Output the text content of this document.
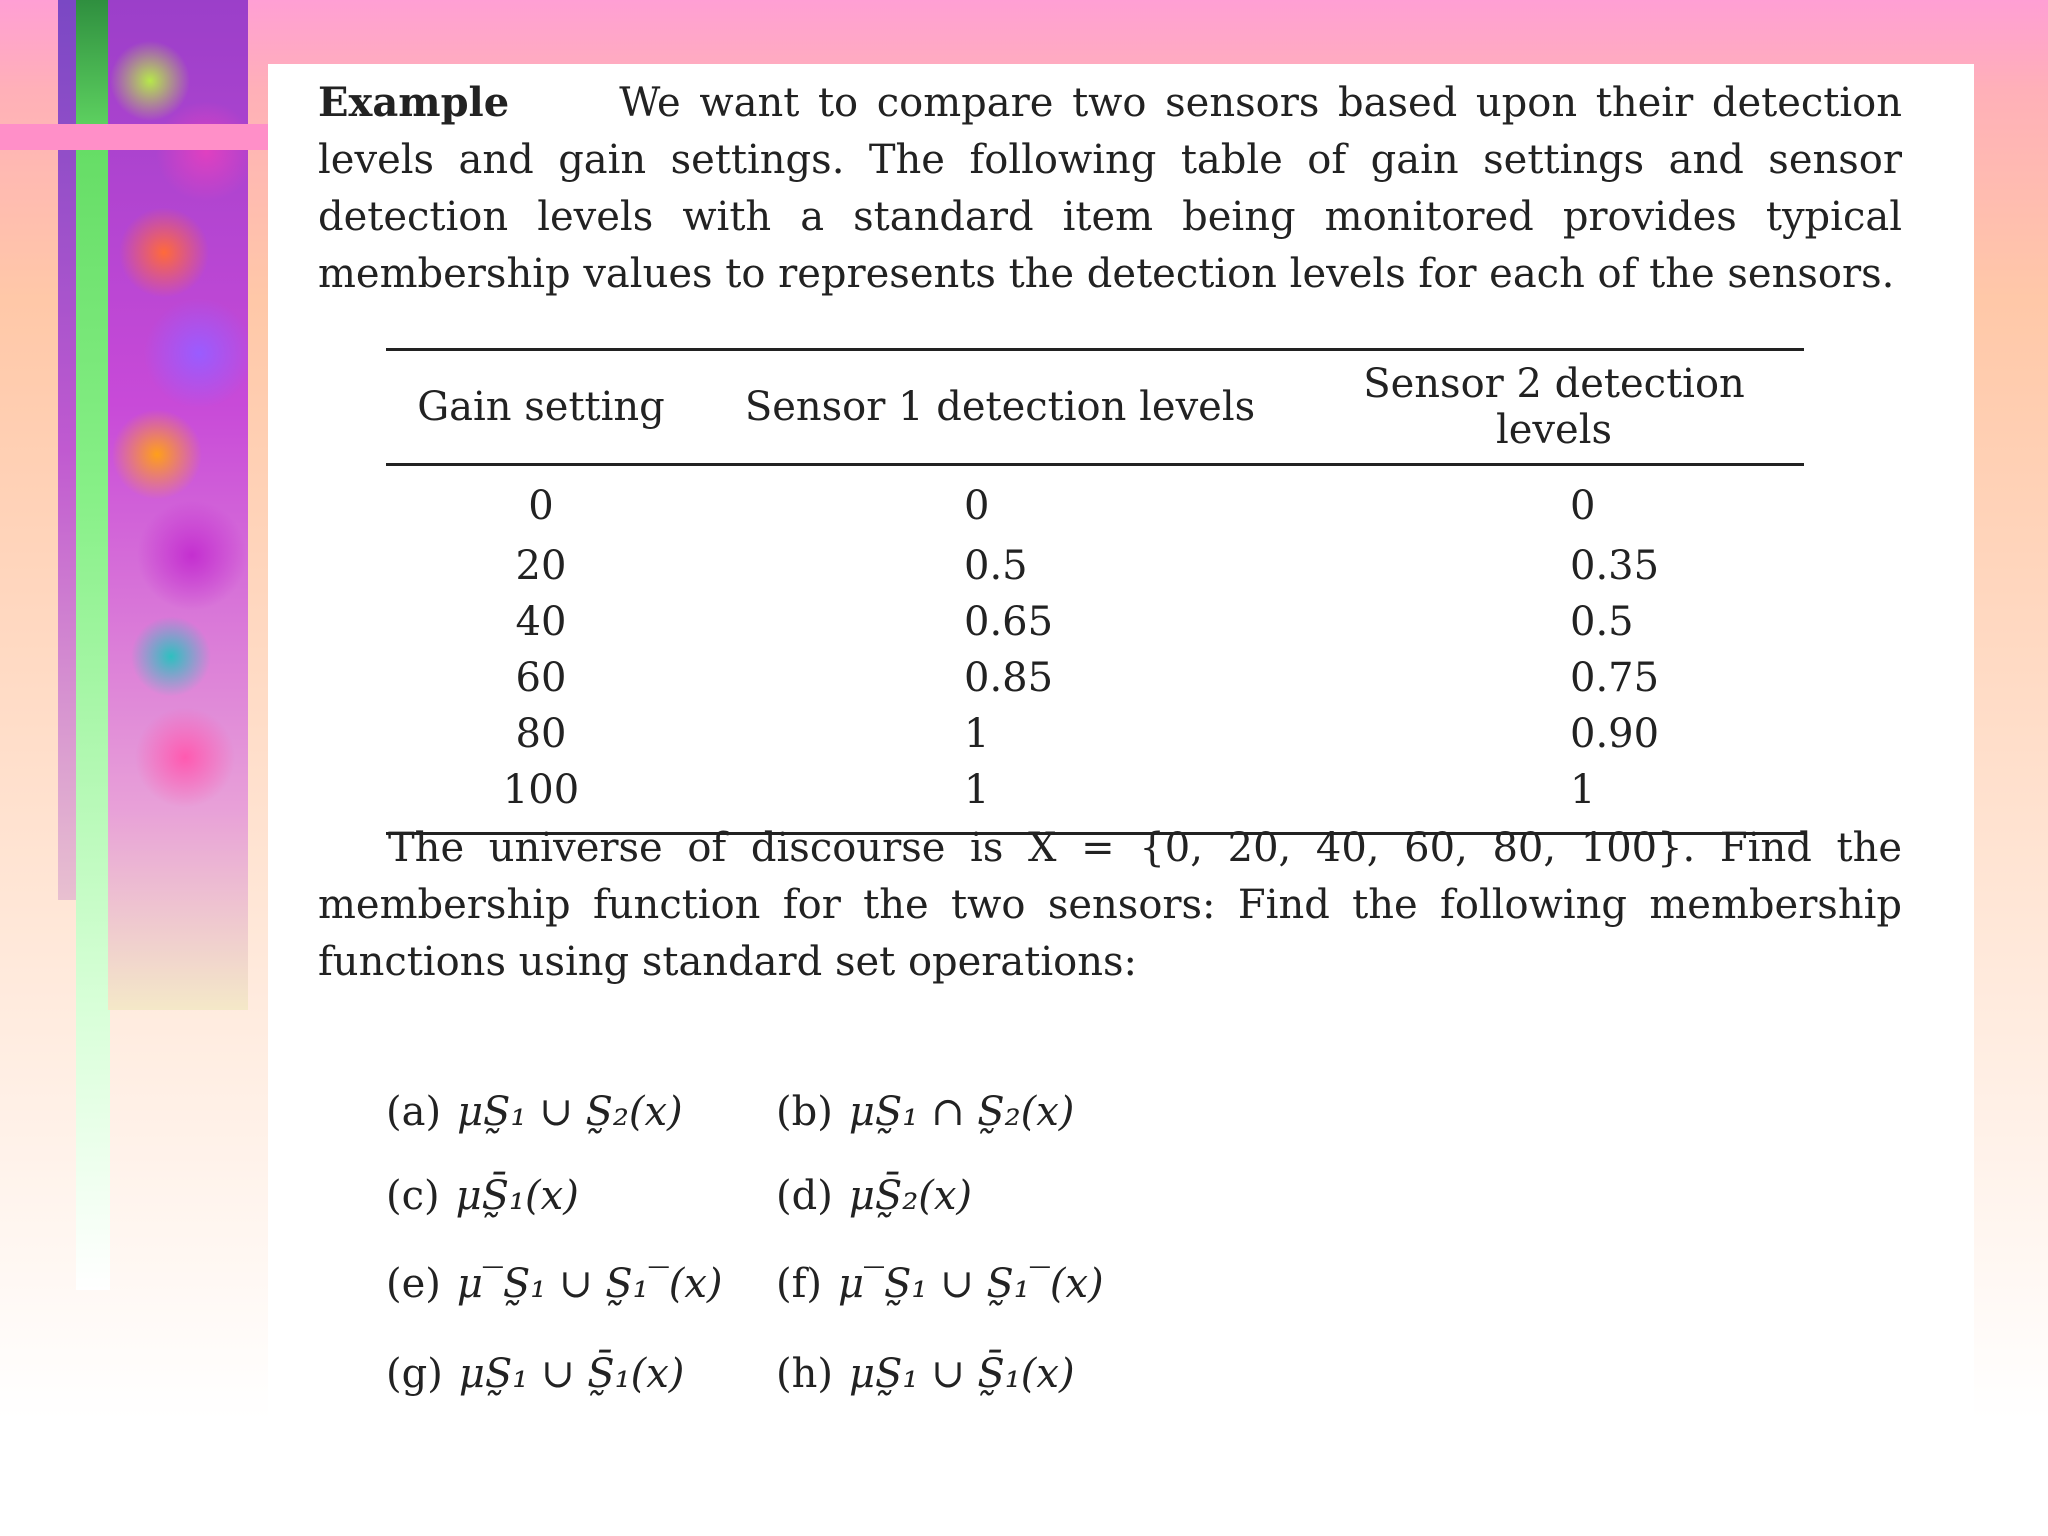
Example	We want to compare two sensors based upon their detection levels and gain settings. The following table of gain settings and sensor detection levels with a standard item being monitored provides typical membership values to represents the detection levels for each of the sensors.

Gain setting	Sensor 1 detection levels	Sensor 2 detection levels
0	0	0
20	0.5	0.35
40	0.65	0.5
60	0.85	0.75
80	1	0.90
100	1	1

The universe of discourse is X = {0, 20, 40, 60, 80, 100}. Find the membership function for the two sensors: Find the following membership functions using standard set operations:

(a) μS̰₁ ∪ S̰₂(x)	(b) μS̰₁ ∩ S̰₂(x)
(c) μS̰̄₁(x)	(d) μS̰̄₂(x)
(e) μ‾S̰₁ ∪ S̰₁‾(x)	(f) μ‾S̰₁ ∪ S̰₁‾(x)
(g) μS̰₁ ∪ S̰̄₁(x)	(h) μS̰₁ ∪ S̰̄₁(x)
